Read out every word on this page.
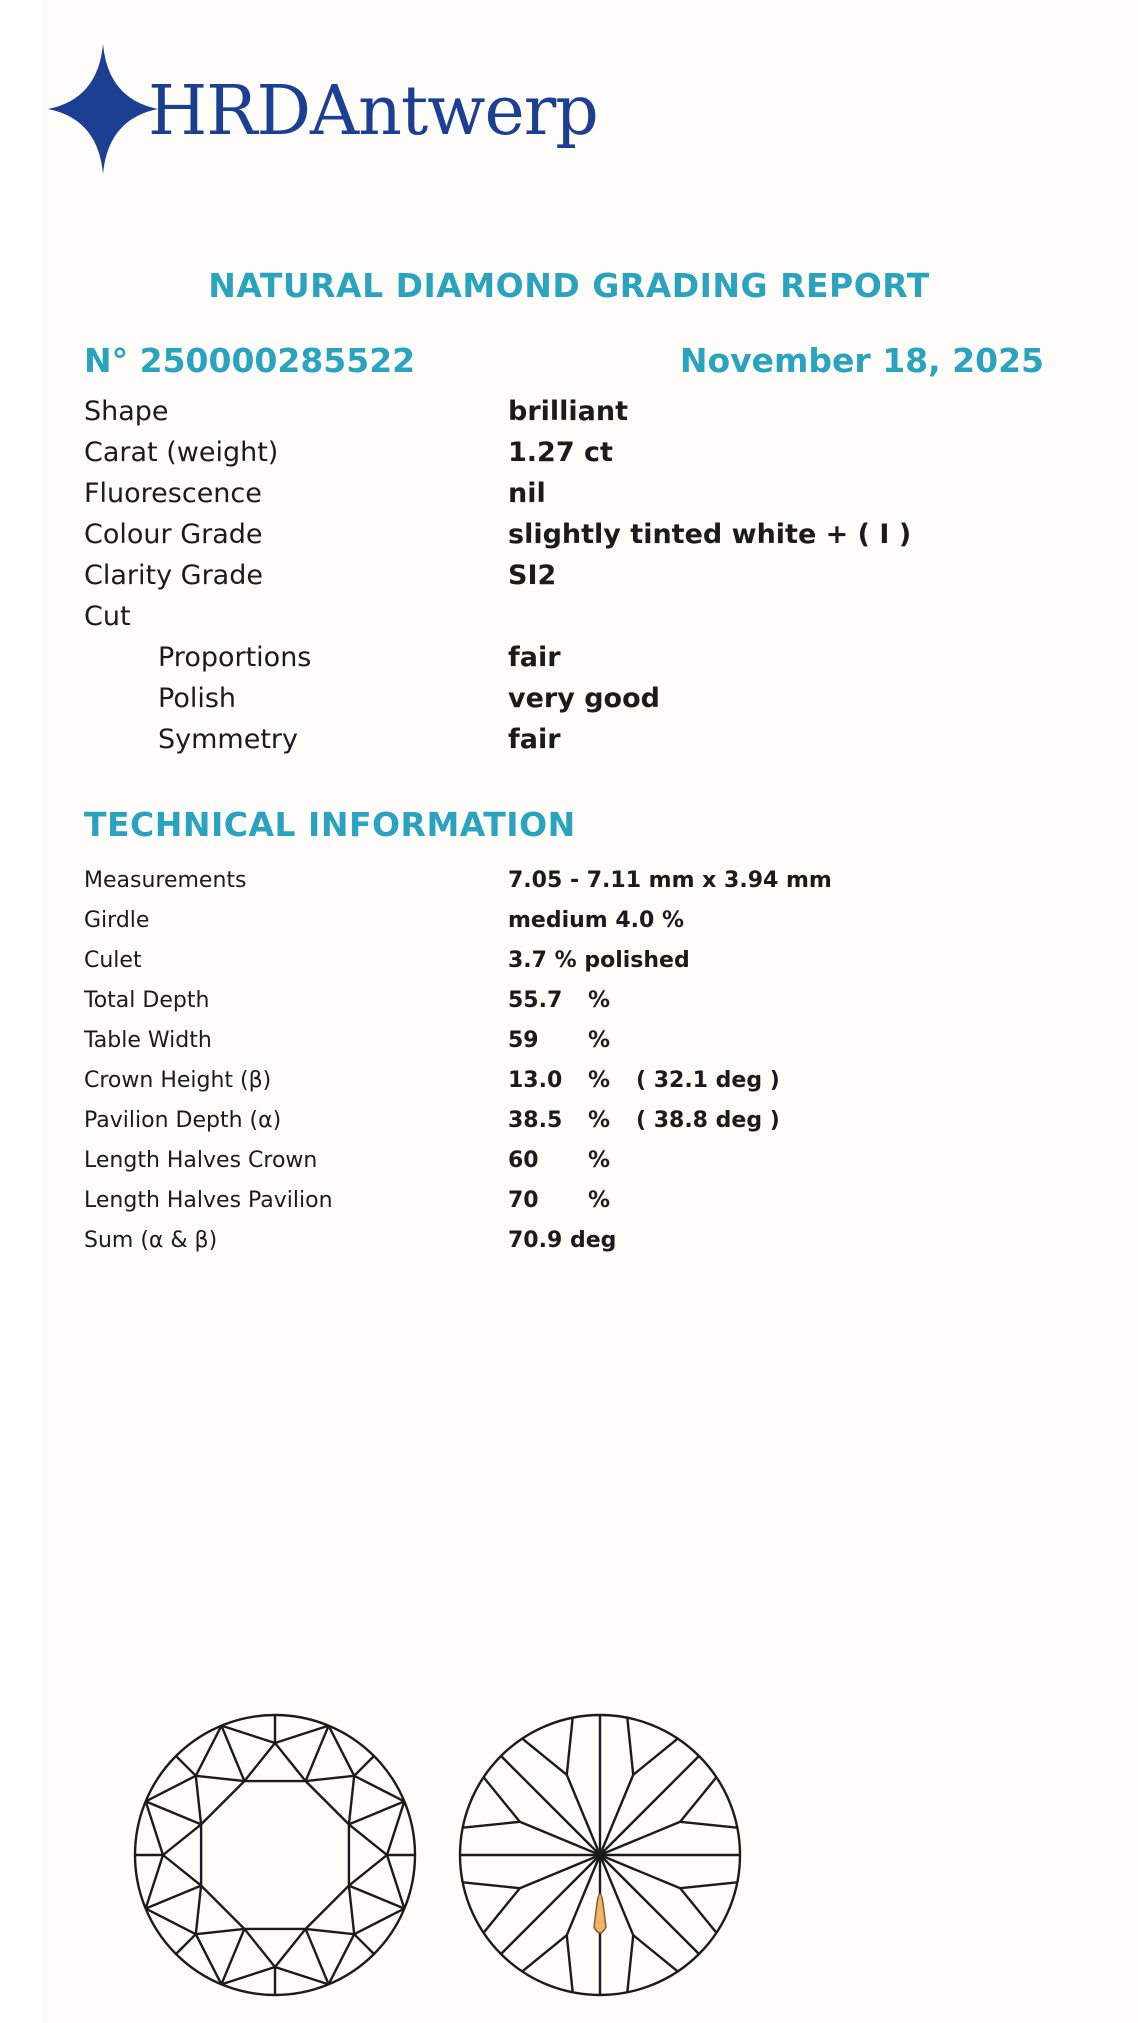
HRDAntwerp
NATURAL DIAMOND GRADING REPORT
N° 250000285522	November 18, 2025
Shape	brilliant
Carat (weight)	1.27 ct
Fluorescence	nil
Colour Grade	slightly tinted white + ( I )
Clarity Grade	SI2
Cut
Proportions	fair
Polish	very good
Symmetry	fair
TECHNICAL INFORMATION
Measurements	7.05 - 7.11 mm x 3.94 mm
Girdle	medium 4.0 %
Culet	3.7 % polished
Total Depth	55.7 %
Table Width	59 %
Crown Height (β)	13.0 % ( 32.1 deg )
Pavilion Depth (α)	38.5 % ( 38.8 deg )
Length Halves Crown	60 %
Length Halves Pavilion	70 %
Sum (α & β)	70.9 deg
